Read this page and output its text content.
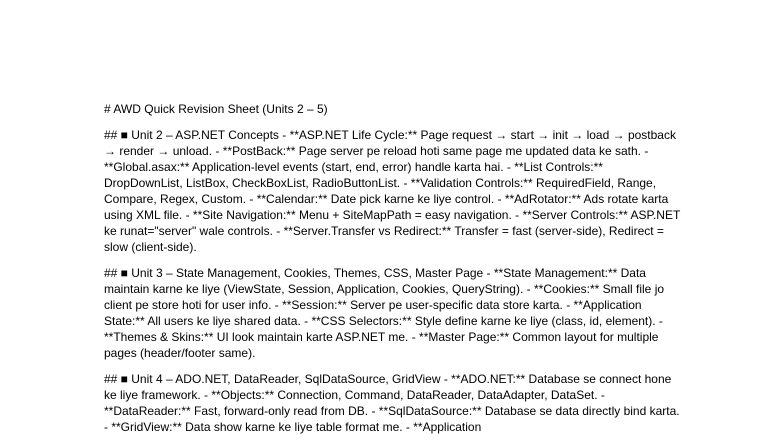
# AWD Quick Revision Sheet (Units 2 – 5)

## ■ Unit 2 – ASP.NET Concepts - **ASP.NET Life Cycle:** Page request → start → init → load → postback → render → unload. - **PostBack:** Page server pe reload hoti same page me updated data ke sath. - **Global.asax:** Application-level events (start, end, error) handle karta hai. - **List Controls:** DropDownList, ListBox, CheckBoxList, RadioButtonList. - **Validation Controls:** RequiredField, Range, Compare, Regex, Custom. - **Calendar:** Date pick karne ke liye control. - **AdRotator:** Ads rotate karta using XML file. - **Site Navigation:** Menu + SiteMapPath = easy navigation. - **Server Controls:** ASP.NET ke runat="server" wale controls. - **Server.Transfer vs Redirect:** Transfer = fast (server-side), Redirect = slow (client-side).

## ■ Unit 3 – State Management, Cookies, Themes, CSS, Master Page - **State Management:** Data maintain karne ke liye (ViewState, Session, Application, Cookies, QueryString). - **Cookies:** Small file jo client pe store hoti for user info. - **Session:** Server pe user-specific data store karta. - **Application State:** All users ke liye shared data. - **CSS Selectors:** Style define karne ke liye (class, id, element). - **Themes & Skins:** UI look maintain karte ASP.NET me. - **Master Page:** Common layout for multiple pages (header/footer same).

## ■ Unit 4 – ADO.NET, DataReader, SqlDataSource, GridView - **ADO.NET:** Database se connect hone ke liye framework. - **Objects:** Connection, Command, DataReader, DataAdapter, DataSet. - **DataReader:** Fast, forward-only read from DB. - **SqlDataSource:** Database se data directly bind karta. - **GridView:** Data show karne ke liye table format me. - **Application
